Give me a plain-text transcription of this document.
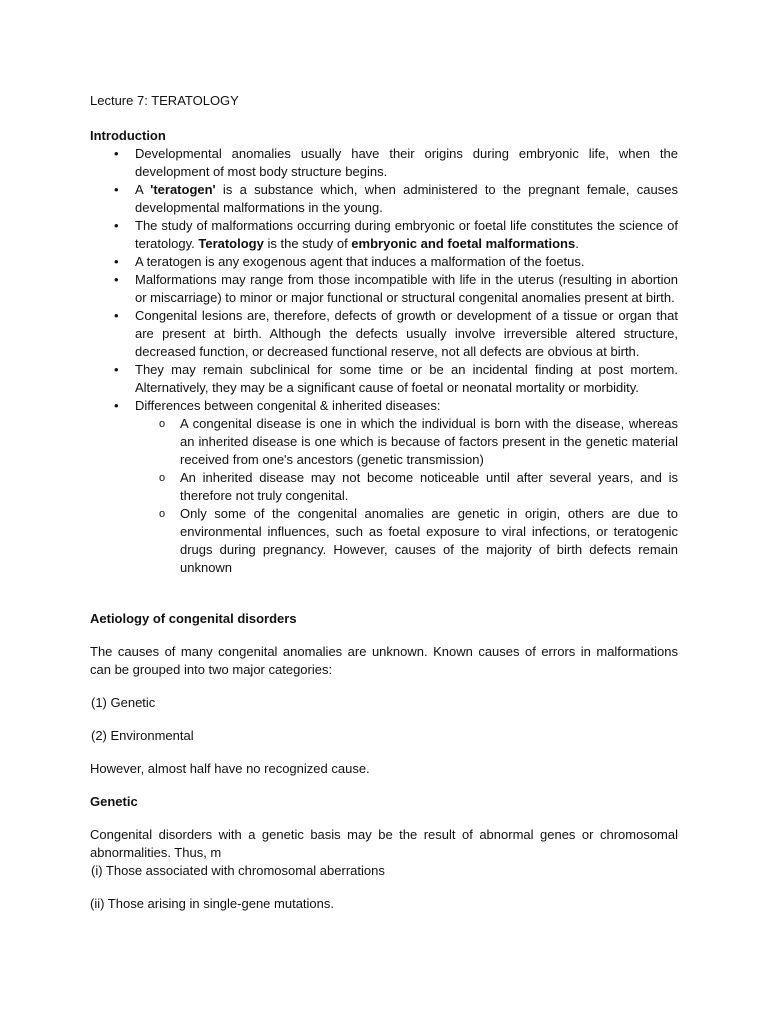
Lecture 7: TERATOLOGY

Introduction

• Developmental anomalies usually have their origins during embryonic life, when the development of most body structure begins.
• A 'teratogen' is a substance which, when administered to the pregnant female, causes developmental malformations in the young.
• The study of malformations occurring during embryonic or foetal life constitutes the science of teratology. Teratology is the study of embryonic and foetal malformations.
• A teratogen is any exogenous agent that induces a malformation of the foetus.
• Malformations may range from those incompatible with life in the uterus (resulting in abortion or miscarriage) to minor or major functional or structural congenital anomalies present at birth.
• Congenital lesions are, therefore, defects of growth or development of a tissue or organ that are present at birth. Although the defects usually involve irreversible altered structure, decreased function, or decreased functional reserve, not all defects are obvious at birth.
• They may remain subclinical for some time or be an incidental finding at post mortem. Alternatively, they may be a significant cause of foetal or neonatal mortality or morbidity.
• Differences between congenital & inherited diseases:
o A congenital disease is one in which the individual is born with the disease, whereas an inherited disease is one which is because of factors present in the genetic material received from one's ancestors (genetic transmission)
o An inherited disease may not become noticeable until after several years, and is therefore not truly congenital.
o Only some of the congenital anomalies are genetic in origin, others are due to environmental influences, such as foetal exposure to viral infections, or teratogenic drugs during pregnancy. However, causes of the majority of birth defects remain unknown

Aetiology of congenital disorders

The causes of many congenital anomalies are unknown. Known causes of errors in malformations can be grouped into two major categories:

(1) Genetic

(2) Environmental

However, almost half have no recognized cause.

Genetic

Congenital disorders with a genetic basis may be the result of abnormal genes or chromosomal abnormalities. Thus, m

(i) Those associated with chromosomal aberrations

(ii) Those arising in single-gene mutations.
